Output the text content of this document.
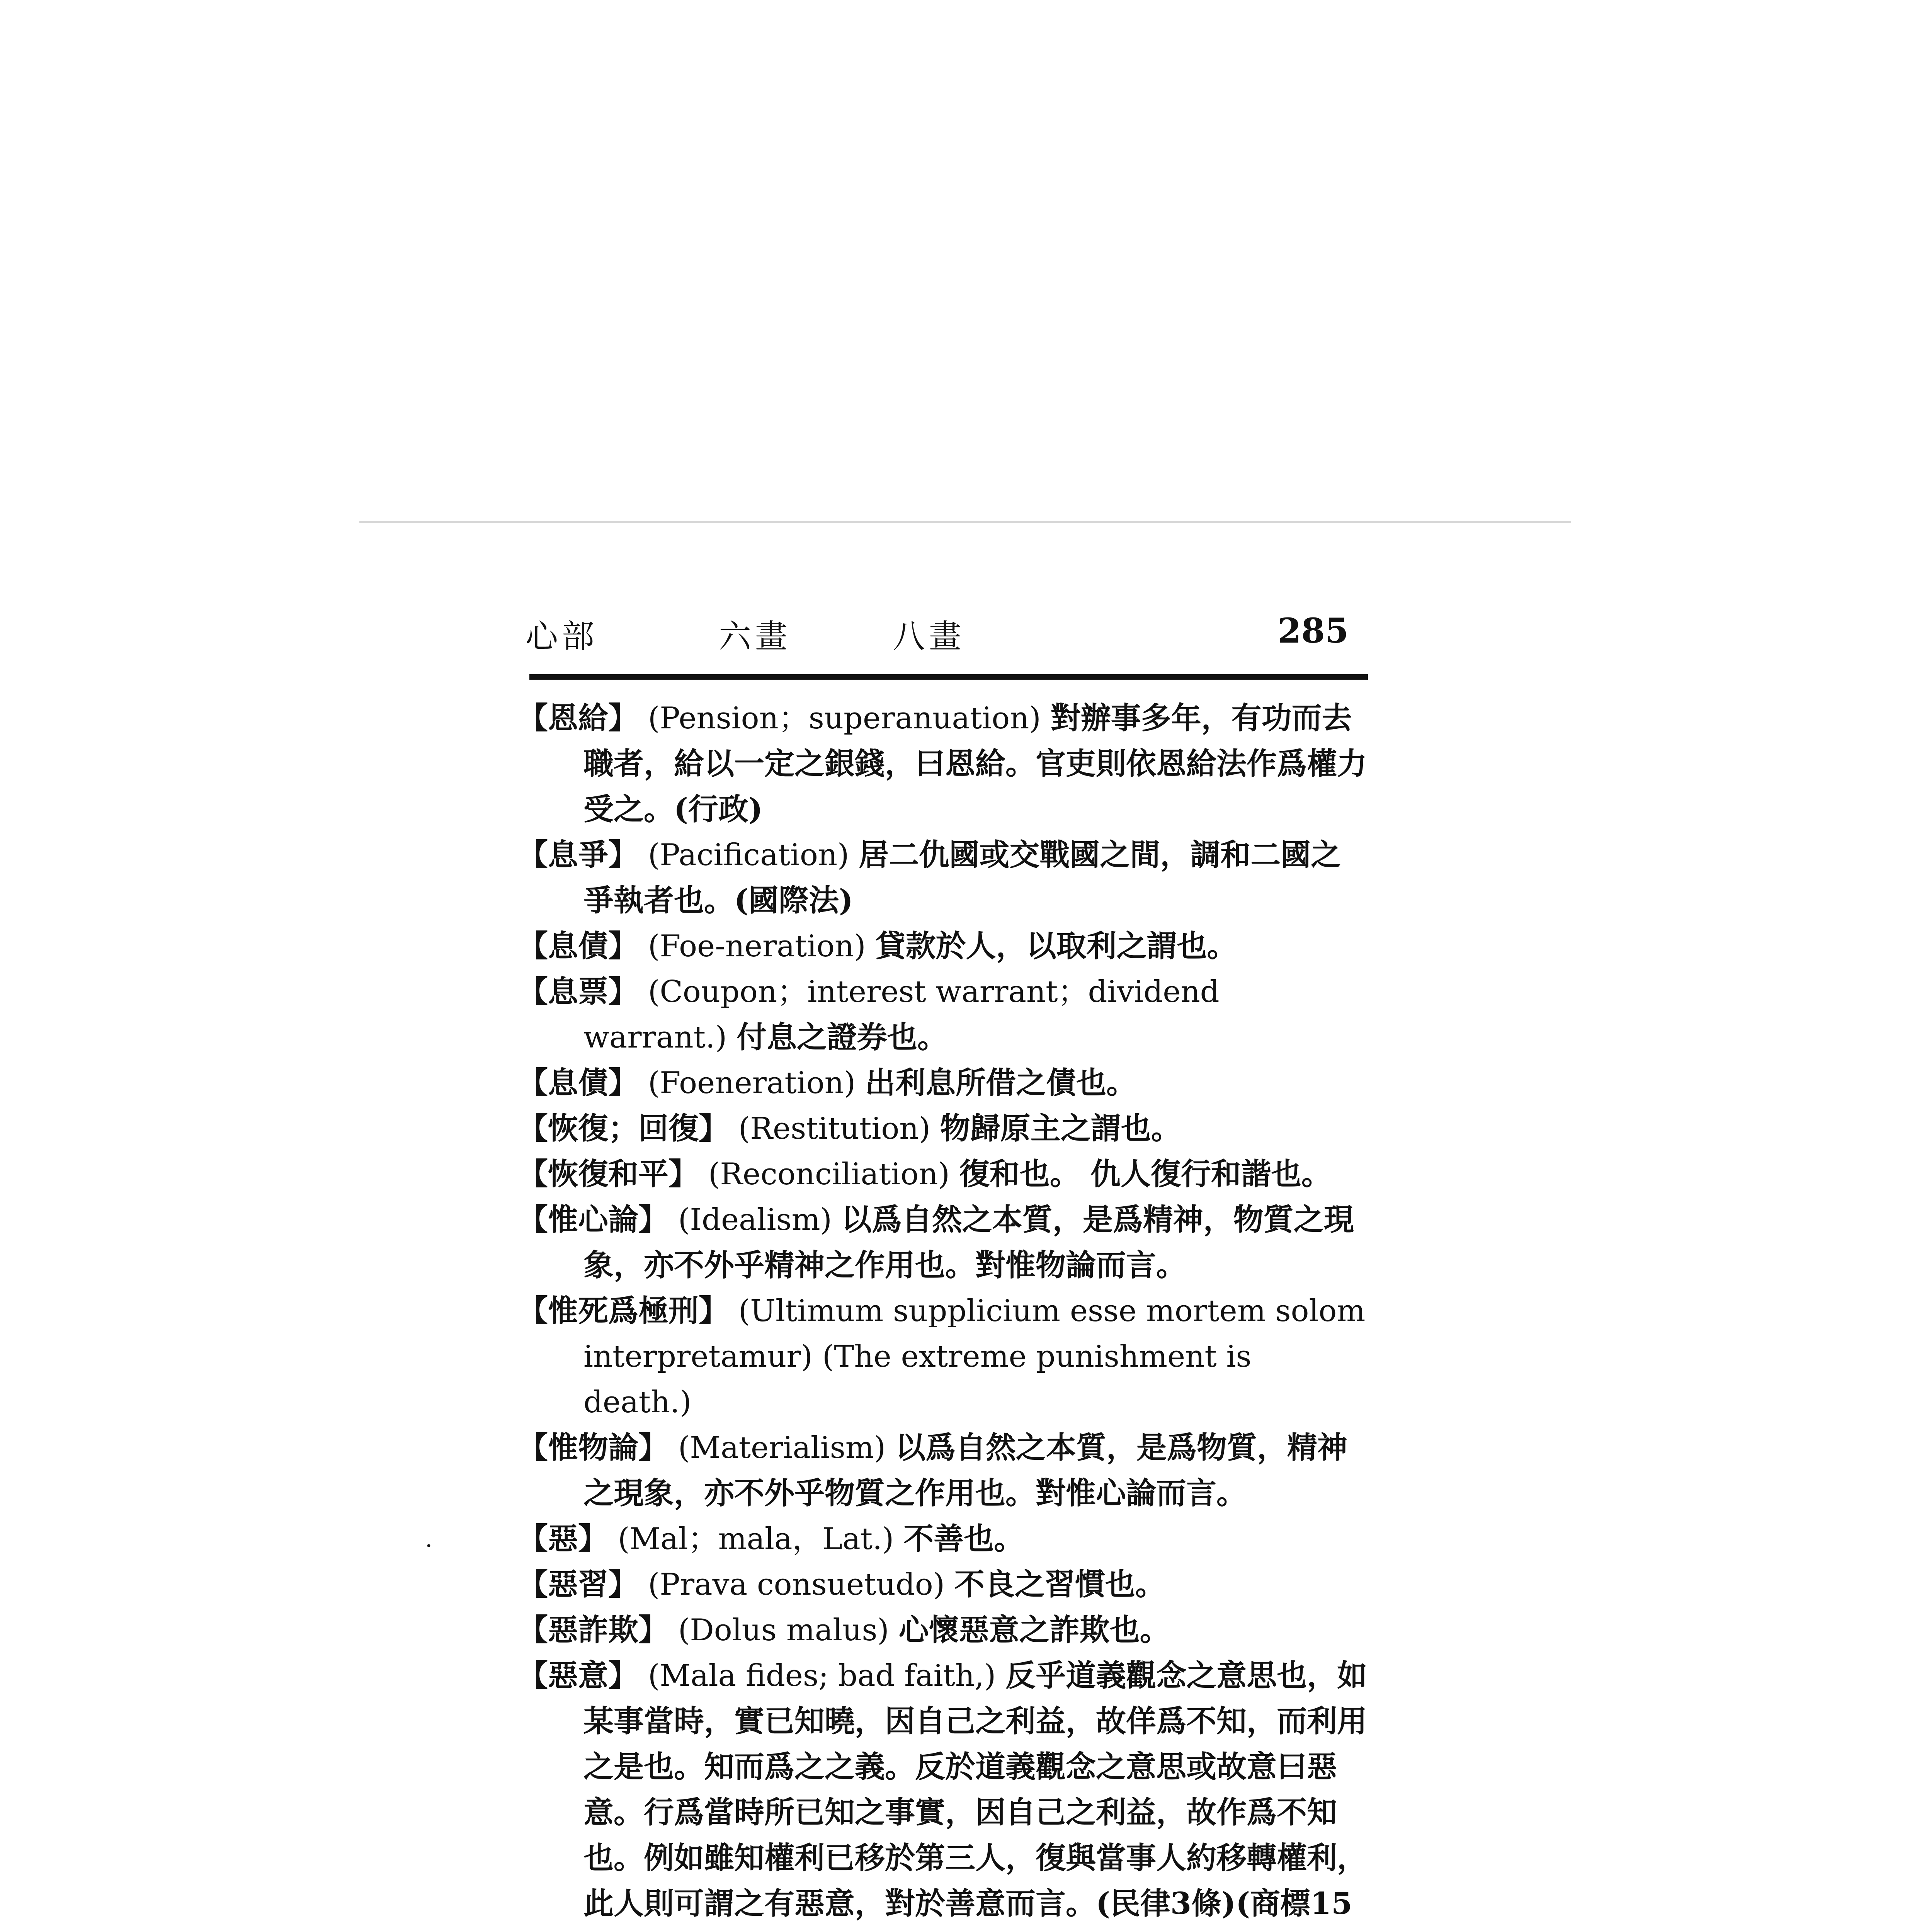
心部	六畫	八畫	285
【恩給】 (Pension；superanuation) 對辦事多年，有功而去職者，給以一定之銀錢，曰恩給。官吏則依恩給法作爲權力受之。(行政)
【息爭】 (Pacification) 居二仇國或交戰國之間，調和二國之爭執者也。(國際法)
【息債】 (Foe-neration) 貸款於人，以取利之謂也。
【息票】 (Coupon；interest warrant；dividend warrant.) 付息之證券也。
【息債】 (Foeneration) 出利息所借之債也。
【恢復；回復】 (Restitution) 物歸原主之謂也。
【恢復和平】 (Reconciliation) 復和也。 仇人復行和諧也。
【惟心論】 (Idealism) 以爲自然之本質，是爲精神，物質之現象，亦不外乎精神之作用也。對惟物論而言。
【惟死爲極刑】 (Ultimum supplicium esse mortem solom interpretamur) (The extreme punishment is death.)
【惟物論】 (Materialism) 以爲自然之本質，是爲物質，精神之現象，亦不外乎物質之作用也。對惟心論而言。
·	【惡】 (Mal；mala，Lat.) 不善也。
【惡習】 (Prava consuetudo) 不良之習慣也。
【惡詐欺】 (Dolus malus) 心懷惡意之詐欺也。
【惡意】 (Mala fides; bad faith,) 反乎道義觀念之意思也，如某事當時，實已知曉，因自己之利益，故佯爲不知，而利用之是也。知而爲之之義。反於道義觀念之意思或故意曰惡意。行爲當時所已知之事實，因自己之利益，故作爲不知也。例如雖知權利已移於第三人，復與當事人約移轉權利，此人則可謂之有惡意，對於善意而言。(民律3條)(商標15
